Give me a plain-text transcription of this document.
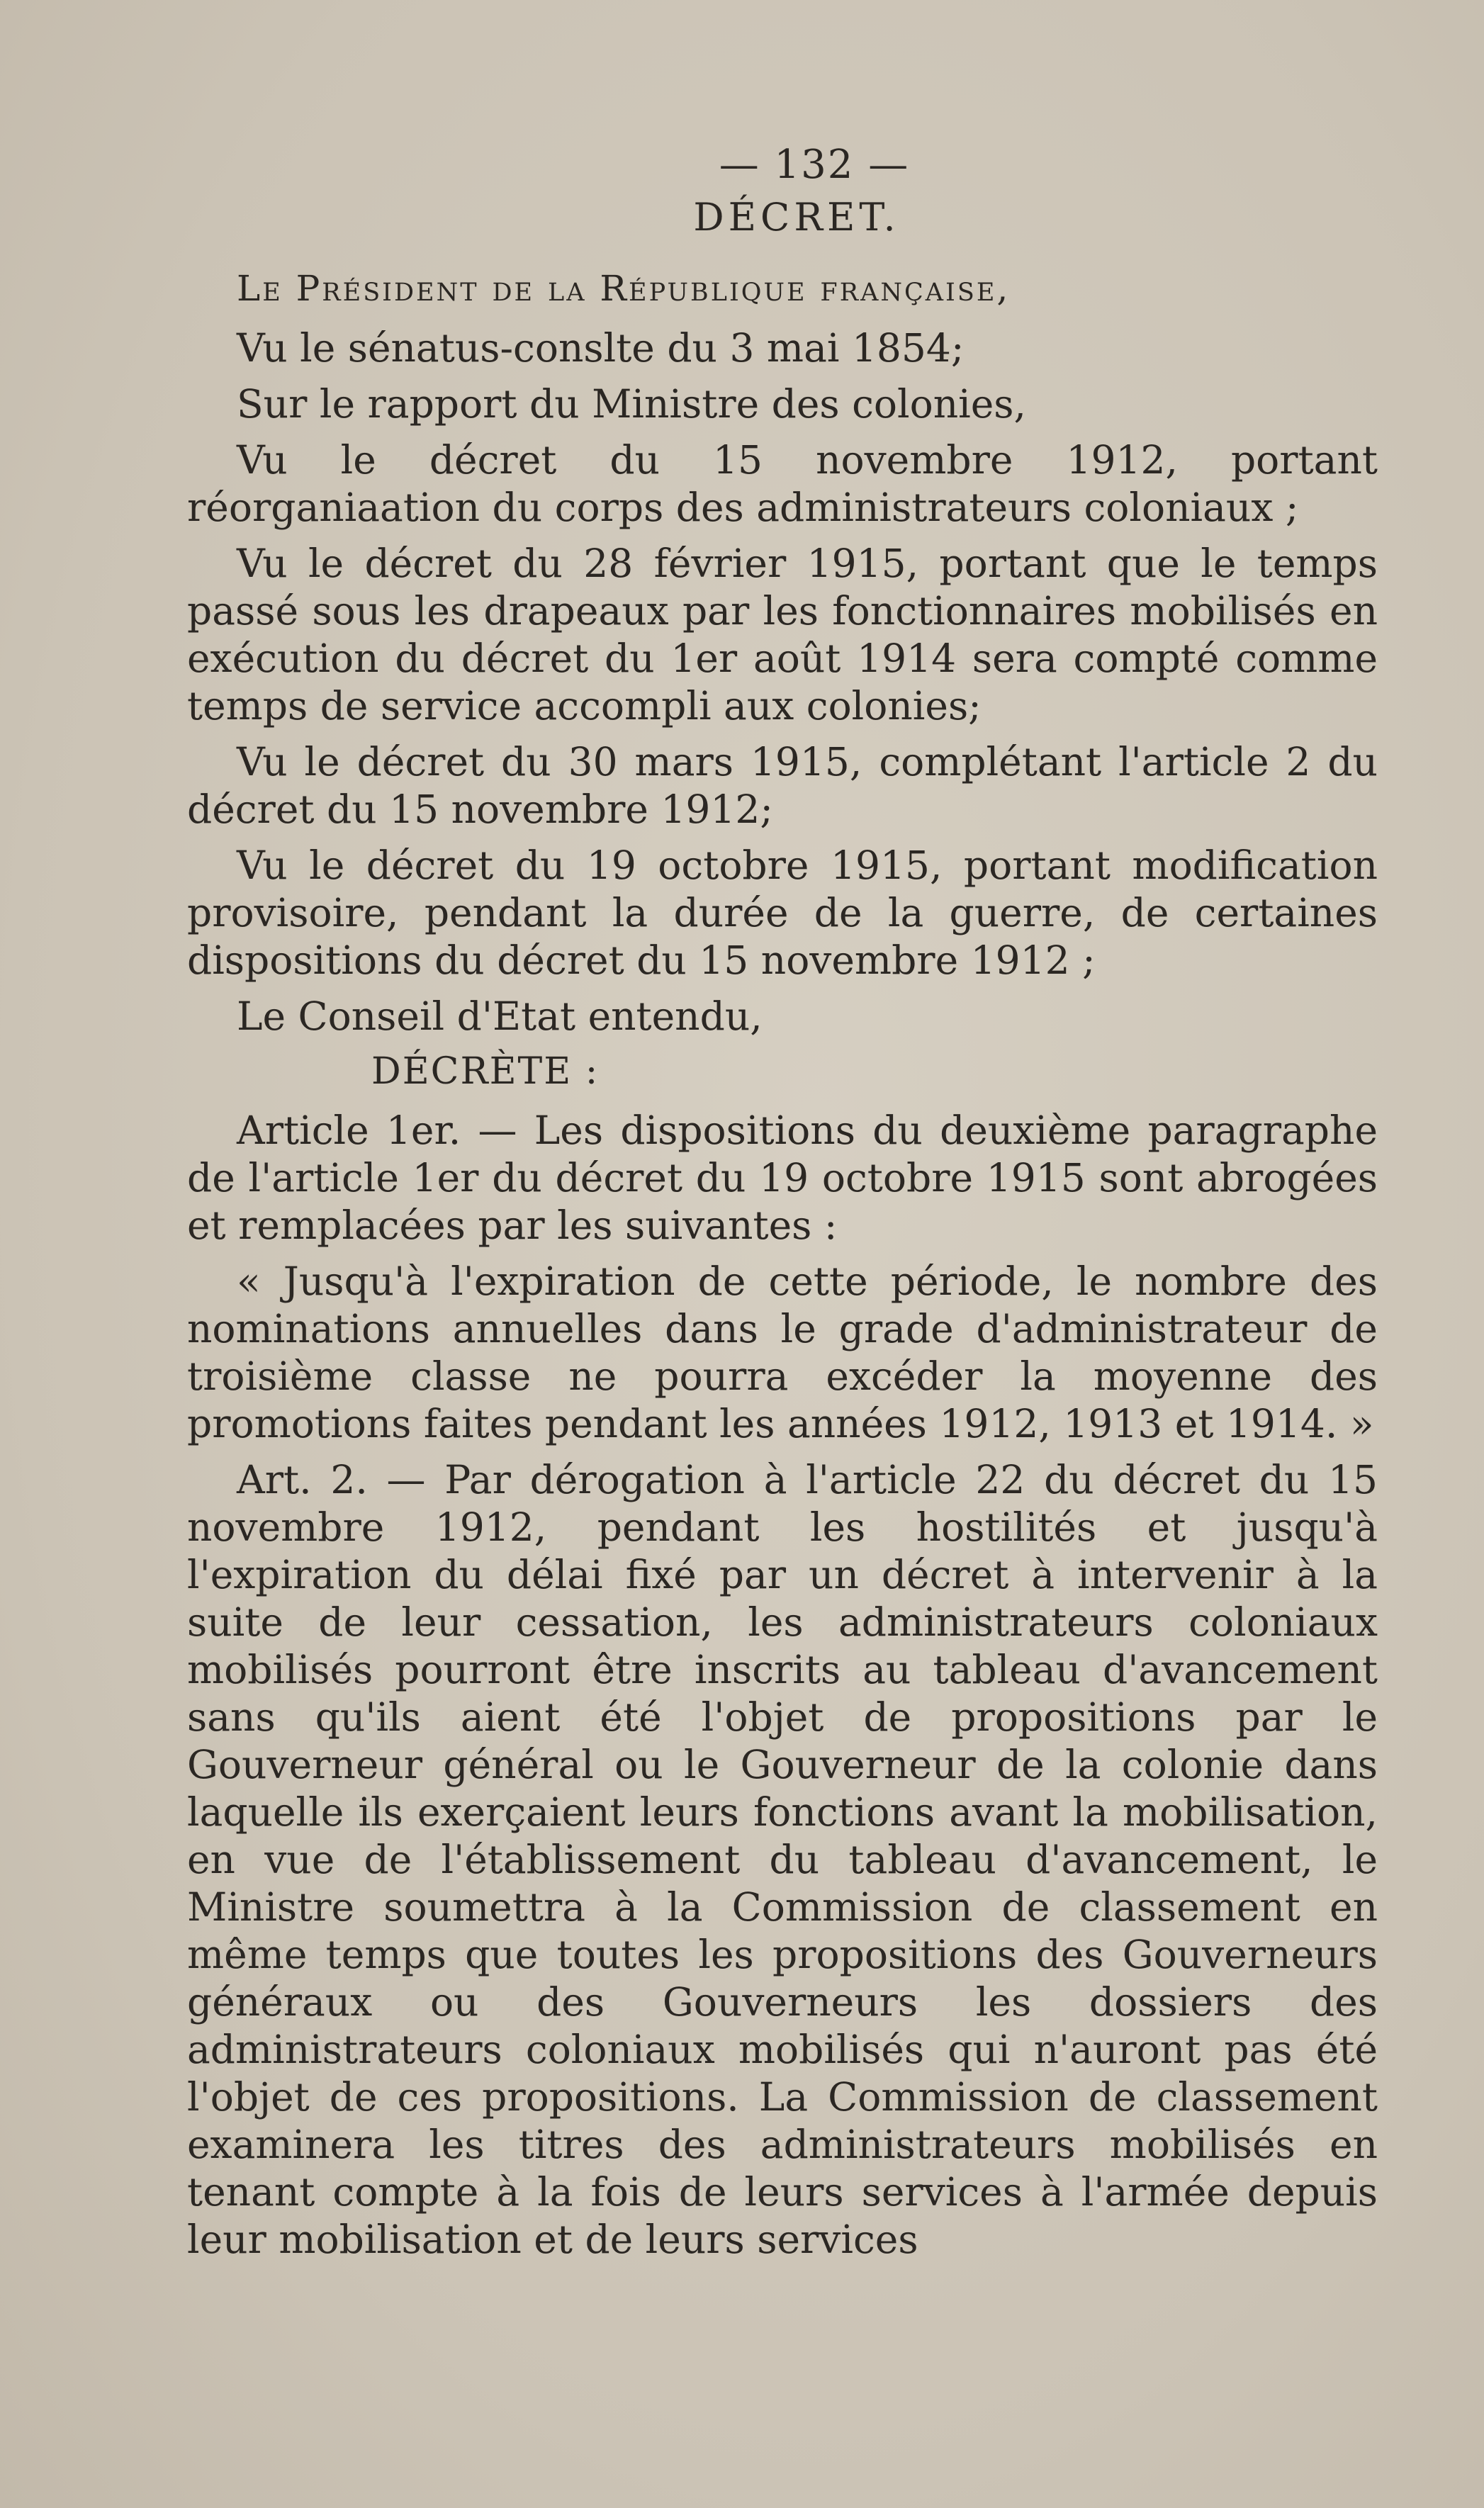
— 132 —
DÉCRET.
Le Président de la République française,

Vu le sénatus-conslte du 3 mai 1854;

Sur le rapport du Ministre des colonies,

Vu le décret du 15 novembre 1912, portant réorganiaation du corps des administrateurs coloniaux ;

Vu le décret du 28 février 1915, portant que le temps passé sous les drapeaux par les fonctionnaires mobilisés en exécution du décret du 1er août 1914 sera compté comme temps de service accompli aux colonies;

Vu le décret du 30 mars 1915, complétant l'article 2 du décret du 15 novembre 1912;

Vu le décret du 19 octobre 1915, portant modification provisoire, pendant la durée de la guerre, de certaines dispositions du décret du 15 novembre 1912 ;

Le Conseil d'Etat entendu,

DÉCRÈTE :

Article 1er. — Les dispositions du deuxième paragraphe de l'article 1er du décret du 19 octobre 1915 sont abrogées et remplacées par les suivantes :

« Jusqu'à l'expiration de cette période, le nombre des nominations annuelles dans le grade d'administrateur de troisième classe ne pourra excéder la moyenne des promotions faites pendant les années 1912, 1913 et 1914. »

Art. 2. — Par dérogation à l'article 22 du décret du 15 novembre 1912, pendant les hostilités et jusqu'à l'expiration du délai fixé par un décret à intervenir à la suite de leur cessation, les administrateurs coloniaux mobilisés pourront être inscrits au tableau d'avancement sans qu'ils aient été l'objet de propositions par le Gouverneur général ou le Gouverneur de la colonie dans laquelle ils exerçaient leurs fonctions avant la mobilisation, en vue de l'établissement du tableau d'avancement, le Ministre soumettra à la Commission de classement en même temps que toutes les propositions des Gouverneurs généraux ou des Gouverneurs les dossiers des administrateurs coloniaux mobilisés qui n'auront pas été l'objet de ces propositions. La Commission de classement examinera les titres des administrateurs mobilisés en tenant compte à la fois de leurs services à l'armée depuis leur mobilisation et de leurs services
